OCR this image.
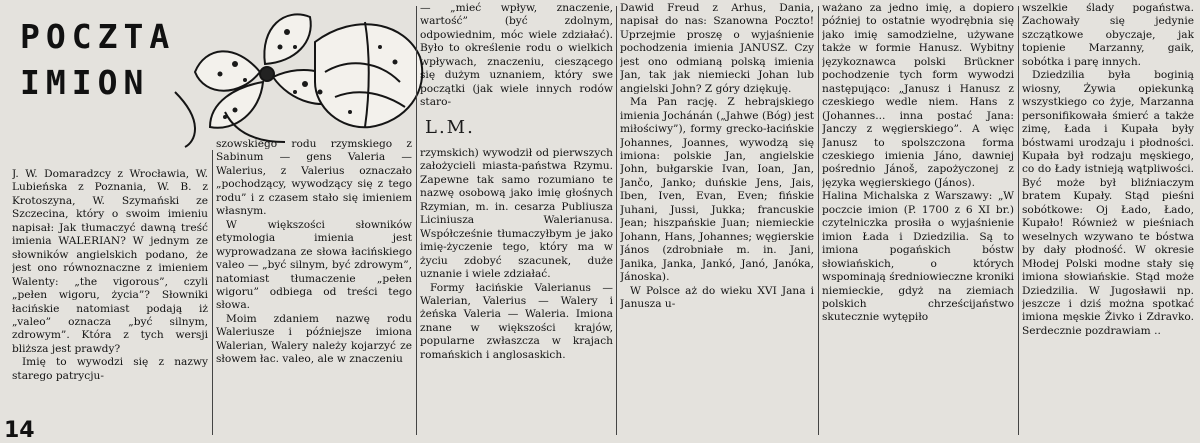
POCZTA
IMION
L.M.

J. W. Domaradzcy z Wrocławia, W. Lubieńska z Poznania, W. B. z Krotoszyna, W. Szymański ze Szczecina, który o swoim imieniu napisał: Jak tłumaczyć dawną treść imienia WALERIAN? W jednym ze słowników angielskich podano, że jest ono równoznaczne z imieniem Walenty: „the vigorous”, czyli „pełen wigoru, życia”? Słowniki łacińskie natomiast podają iż „valeo” oznacza „być silnym, zdrowym”. Która z tych wersji bliższa jest prawdy?

Imię to wywodzi się z nazwy starego patrycju-

szowskiego rodu rzymskiego z Sabinum — gens Valeria — Walerius, z Valerius oznaczało „pochodzący, wywodzący się z tego rodu” i z czasem stało się imieniem własnym.

W większości słowników etymologia imienia jest wyprowadzana ze słowa łacińskiego valeo — „być silnym, być zdrowym”, natomiast tłumaczenie „pełen wigoru” odbiega od treści tego słowa.

Moim zdaniem nazwę rodu Waleriusze i późniejsze imiona Walerian, Walery należy kojarzyć ze słowem łac. valeo, ale w znaczeniu

— „mieć wpływ, znaczenie, wartość” (być zdolnym, odpowiednim, móc wiele zdziałać). Było to określenie rodu o wielkich wpływach, znaczeniu, cieszącego się dużym uznaniem, który swe początki (jak wiele innych rodów staro-

rzymskich) wywodził od pierwszych założycieli miasta-państwa Rzymu. Zapewne tak samo rozumiano te nazwę osobową jako imię głośnych Rzymian, m. in. cesarza Publiusza Liciniusza Walerianusa. Współcześnie tłumaczyłbym je jako imię-życzenie tego, który ma w życiu zdobyć szacunek, duże uznanie i wiele zdziałać.

Formy łacińskie Valerianus — Walerian, Valerius — Walery i żeńska Valeria — Waleria. Imiona znane w większości krajów, popularne zwłaszcza w krajach romańskich i anglosaskich.

Dawid Freud z Arhus, Dania, napisał do nas: Szanowna Poczto! Uprzejmie proszę o wyjaśnienie pochodzenia imienia JANUSZ. Czy jest ono odmianą polską imienia Jan, tak jak niemiecki Johan lub angielski John? Z góry dziękuję.

Ma Pan rację. Z hebrajskiego imienia Jochánán („Jahwe (Bóg) jest miłościwy”), formy grecko-łacińskie Johannes, Joannes, wywodzą się imiona: polskie Jan, angielskie John, bułgarskie Ivan, Ioan, Jan, Jančo, Janko; duńskie Jens, Jais, Iben, Iven, Evan, Even; fińskie Juhani, Jussi, Jukka; francuskie Jean; hiszpańskie Juan; niemieckie Johann, Hans, Johannes; węgierskie János (zdrobniałe m. in. Jani, Janika, Janka, Jankó, Janó, Janóka, Jánoska).

W Polsce aż do wieku XVI Jana i Janusza u-

ważano za jedno imię, a dopiero później to ostatnie wyodrębnia się jako imię samodzielne, używane także w formie Hanusz. Wybitny językoznawca polski Brückner pochodzenie tych form wywodzi następująco: „Janusz i Hanusz z czeskiego wedle niem. Hans z (Johannes... inna postać Jana: Janczy z węgierskiego”. A więc Janusz to spolszczona forma czeskiego imienia Jáno, dawniej pośrednio Jánoš, zapożyczonej z języka węgierskiego (János).

Halina Michalska z Warszawy: „W poczcie imion (P. 1700 z 6 XI br.) czytelniczka prosiła o wyjaśnienie imion Łada i Dziedzilia. Są to imiona pogańskich bóstw słowiańskich, o których wspominają średniowieczne kroniki niemieckie, gdyż na ziemiach polskich chrześcijaństwo skutecznie wytępiło

wszelkie ślady pogaństwa. Zachowały się jedynie szczątkowe obyczaje, jak topienie Marzanny, gaik, sobótka i parę innych.

Dziedzilia była boginią wiosny, Żywia opiekunką wszystkiego co żyje, Marzanna personifikowała śmierć a także zimę, Łada i Kupała były bóstwami urodzaju i płodności. Kupała był rodzaju męskiego, co do Łady istnieją wątpliwości. Być może był bliźniaczym bratem Kupały. Stąd pieśni sobótkowe: Oj Łado, Łado, Kupało! Również w pieśniach weselnych wzywano te bóstwa by dały płodność. W okresie Młodej Polski modne stały się imiona słowiańskie. Stąd może Dziedzilia. W Jugosławii np. jeszcze i dziś można spotkać imiona męskie Živko i Zdravko. Serdecznie pozdrawiam ..

14
